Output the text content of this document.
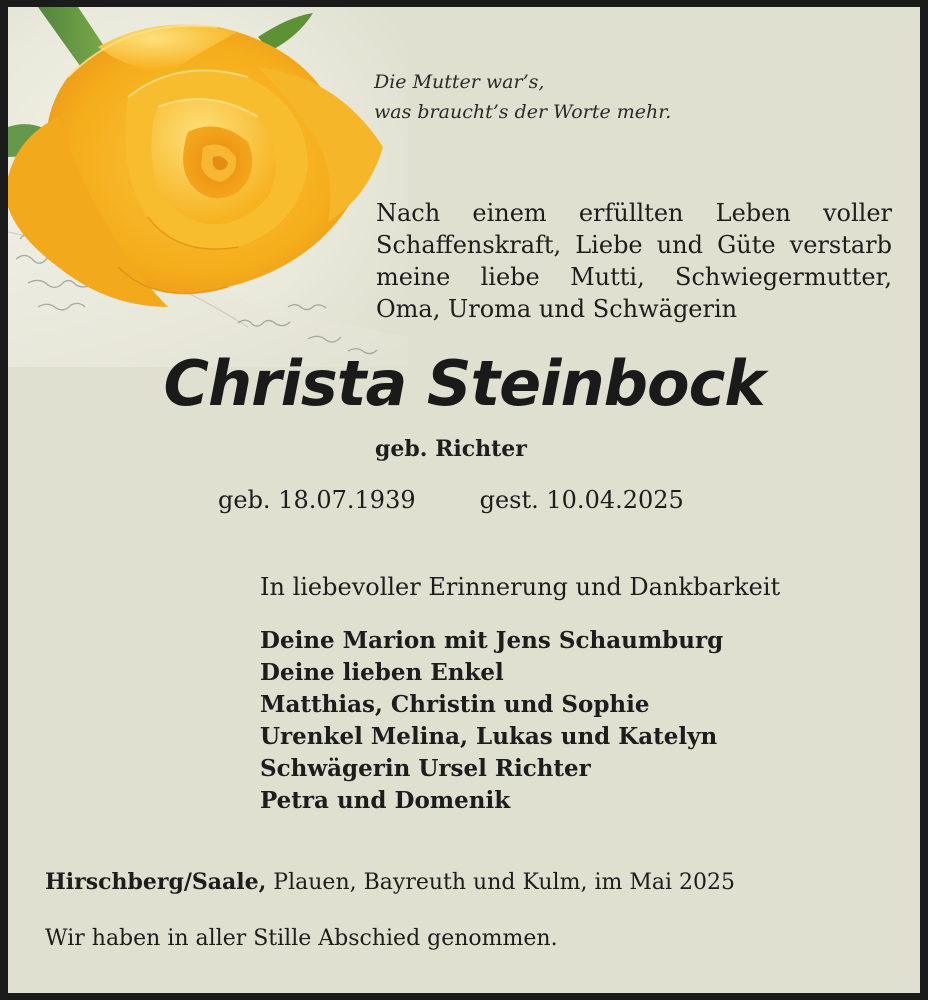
Die Mutter war’s,
was braucht’s der Worte mehr.
Nach einem erfüllten Leben voller Schaffenskraft, Liebe und Güte verstarb meine liebe Mutti, Schwiegermutter, Oma, Uroma und Schwägerin
Christa Steinbock
geb. Richter
geb. 18.07.1939	gest. 10.04.2025
In liebevoller Erinnerung und Dankbarkeit
Deine Marion mit Jens Schaumburg
Deine lieben Enkel
Matthias, Christin und Sophie
Urenkel Melina, Lukas und Katelyn
Schwägerin Ursel Richter
Petra und Domenik
Hirschberg/Saale, Plauen, Bayreuth und Kulm, im Mai 2025
Wir haben in aller Stille Abschied genommen.
